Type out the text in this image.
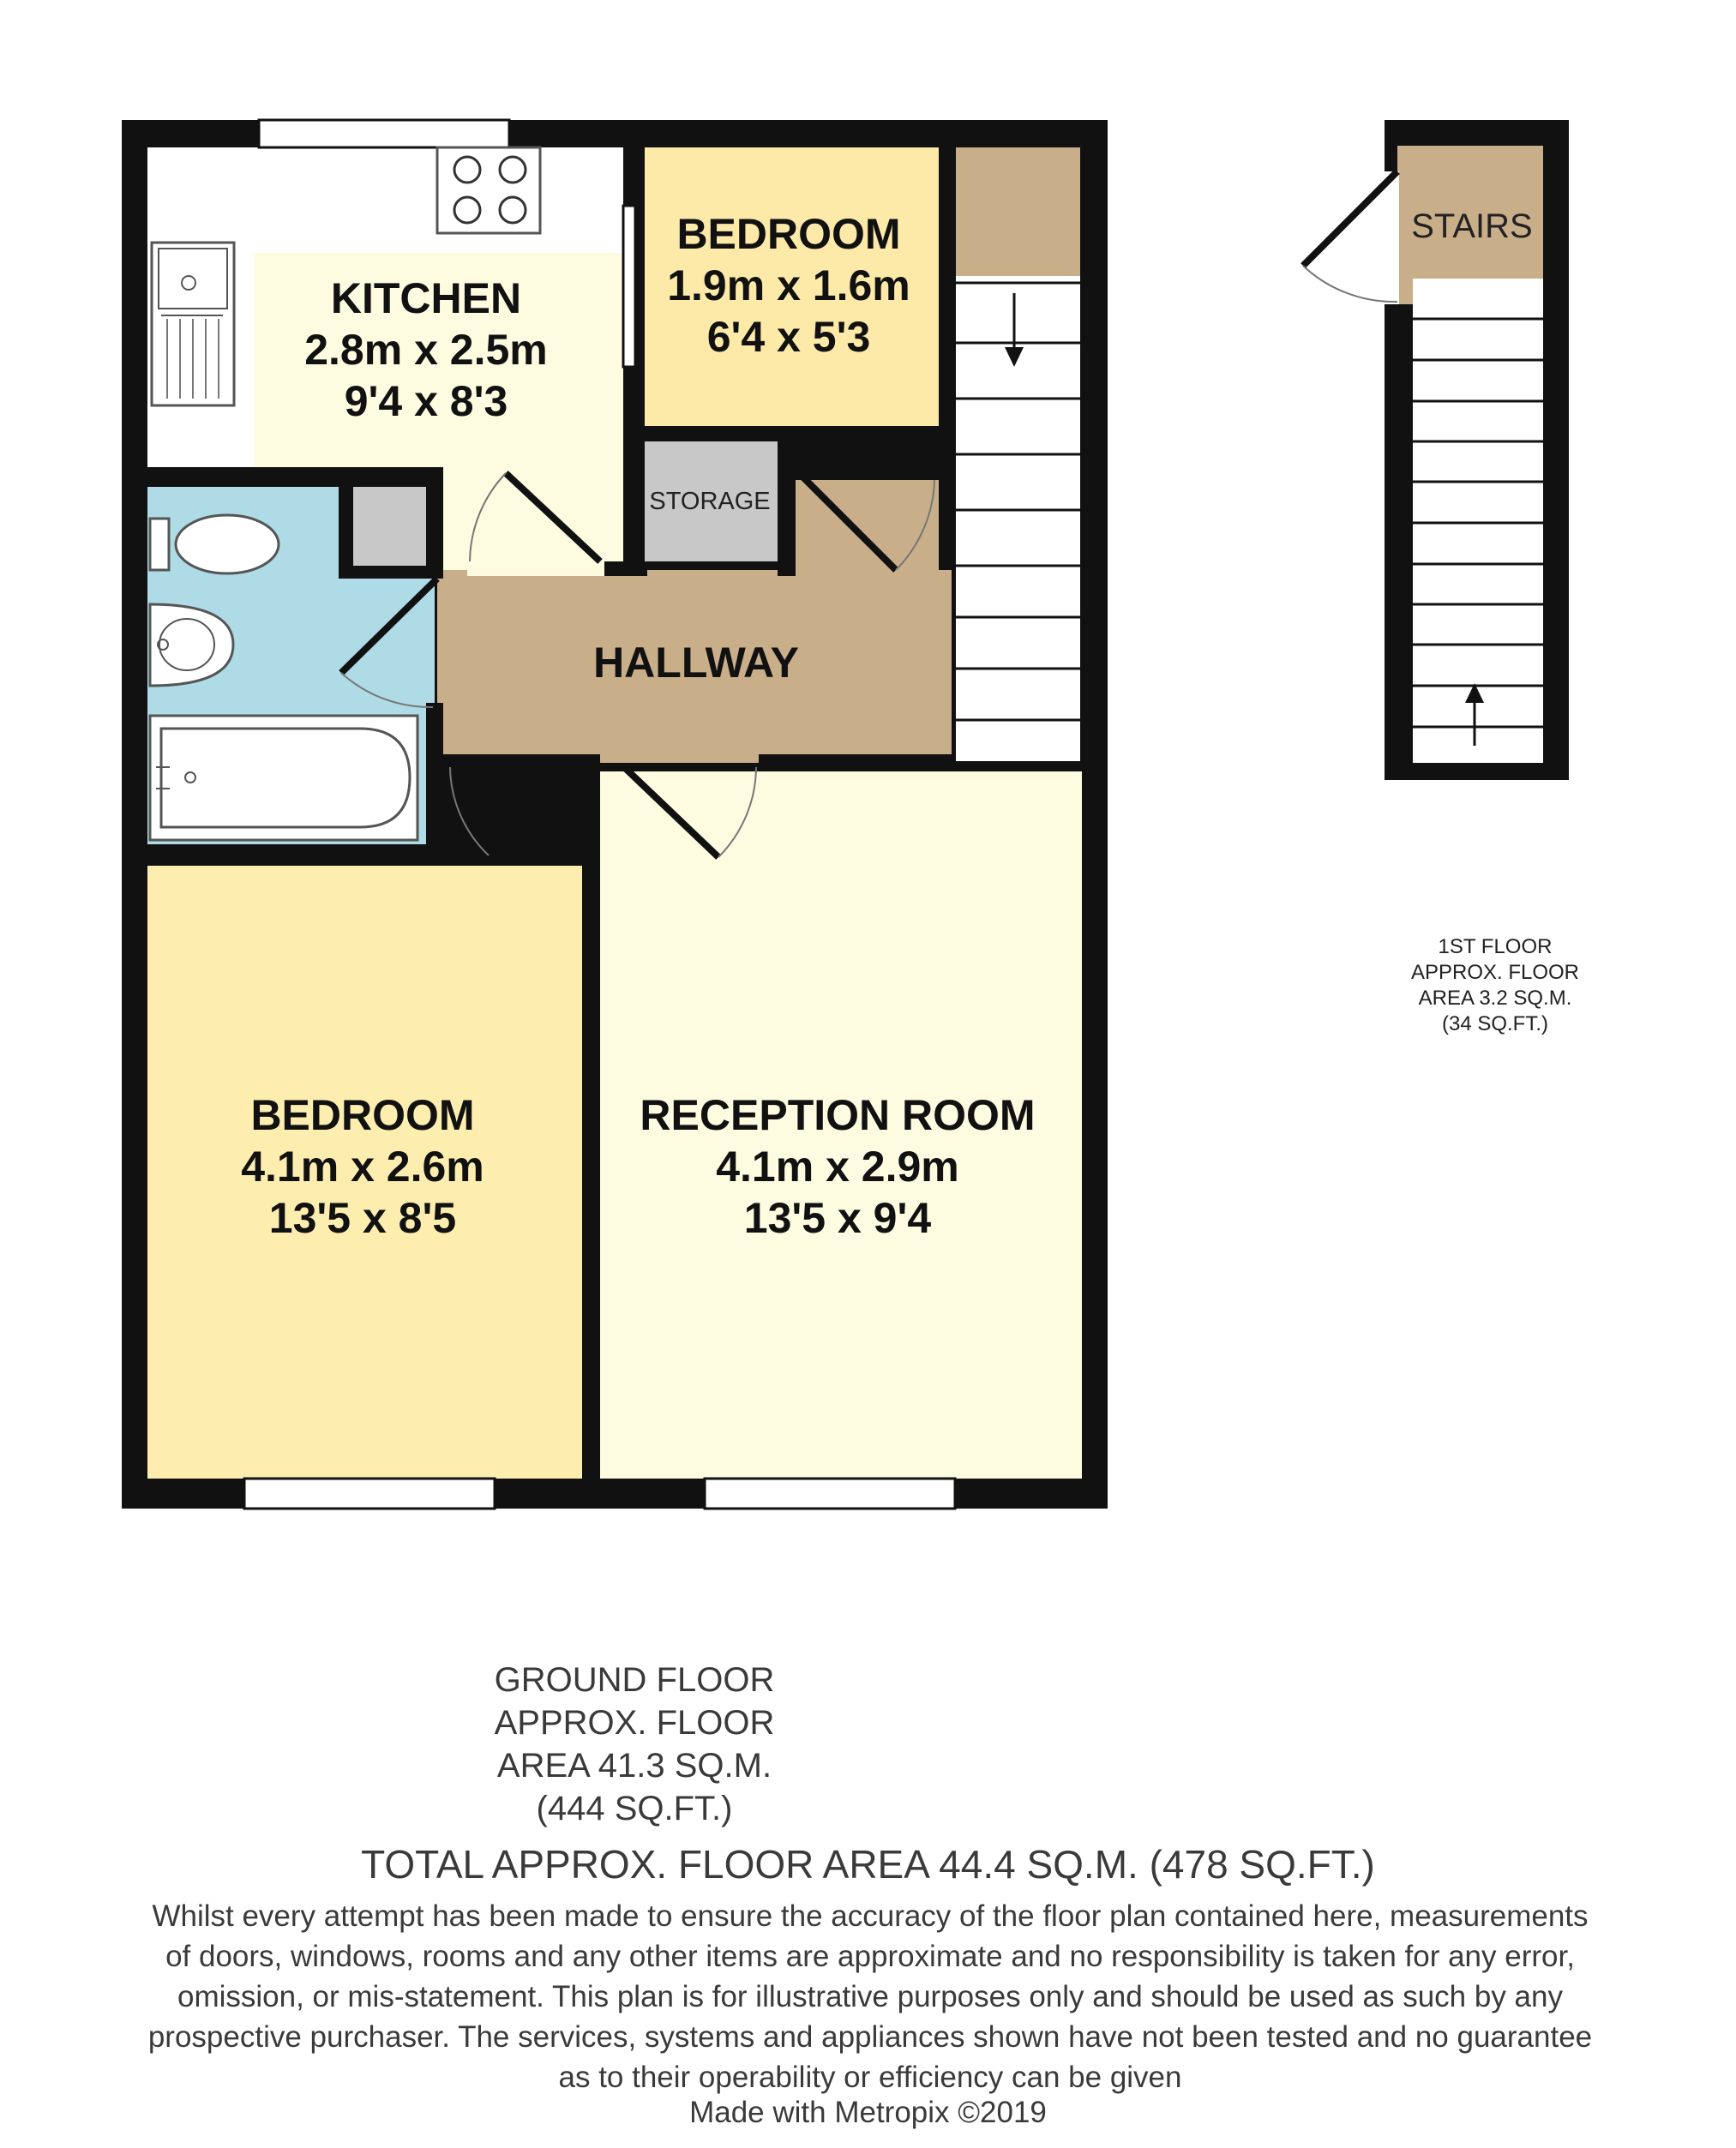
KITCHEN
2.8m x 2.5m
9'4 x 8'3
BEDROOM
1.9m x 1.6m
6'4 x 5'3
STORAGE
HALLWAY
BEDROOM
4.1m x 2.6m
13'5 x 8'5
RECEPTION ROOM
4.1m x 2.9m
13'5 x 9'4
STAIRS
1ST FLOOR
APPROX. FLOOR
AREA 3.2 SQ.M.
(34 SQ.FT.)
GROUND FLOOR
APPROX. FLOOR
AREA 41.3 SQ.M.
(444 SQ.FT.)
TOTAL APPROX. FLOOR AREA 44.4 SQ.M. (478 SQ.FT.)
Whilst every attempt has been made to ensure the accuracy of the floor plan contained here, measurements
of doors, windows, rooms and any other items are approximate and no responsibility is taken for any error,
omission, or mis-statement. This plan is for illustrative purposes only and should be used as such by any
prospective purchaser. The services, systems and appliances shown have not been tested and no guarantee
as to their operability or efficiency can be given
Made with Metropix ©2019
